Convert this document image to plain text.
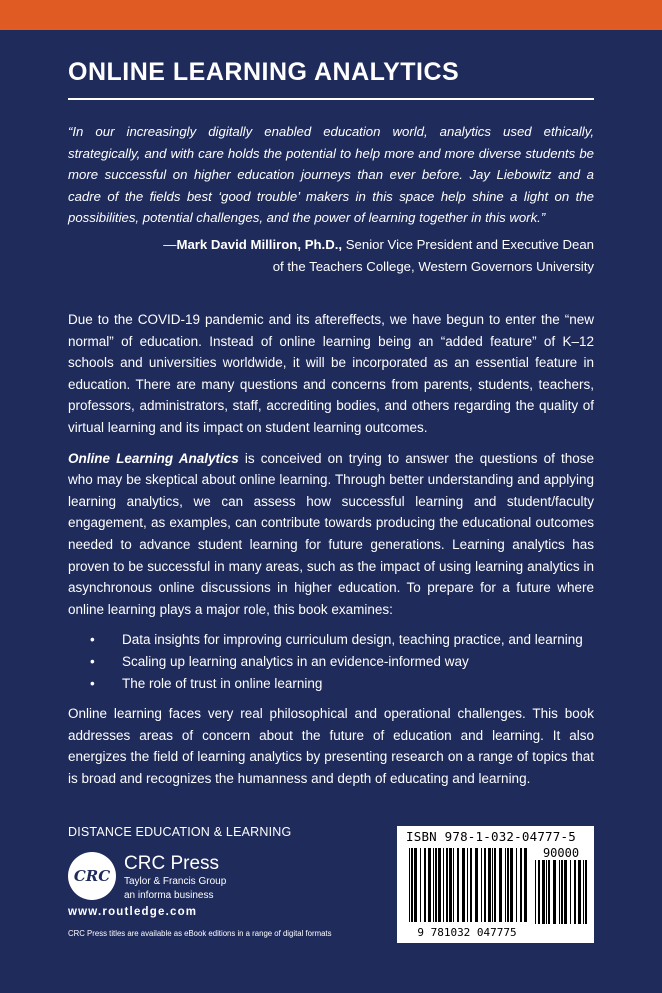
ONLINE LEARNING ANALYTICS

“In our increasingly digitally enabled education world, analytics used ethically, strategically, and with care holds the potential to help more and more diverse students be more successful on higher education journeys than ever before. Jay Liebowitz and a cadre of the fields best ‘good trouble’ makers in this space help shine a light on the possibilities, potential challenges, and the power of learning together in this work.”

—Mark David Milliron, Ph.D., Senior Vice President and Executive Dean
of the Teachers College, Western Governors University

Due to the COVID-19 pandemic and its aftereffects, we have begun to enter the “new normal” of education. Instead of online learning being an “added feature” of K–12 schools and universities worldwide, it will be incorporated as an essential feature in education. There are many questions and concerns from parents, students, teachers, professors, administrators, staff, accrediting bodies, and others regarding the quality of virtual learning and its impact on student learning outcomes.

Online Learning Analytics is conceived on trying to answer the questions of those who may be skeptical about online learning. Through better understanding and applying learning analytics, we can assess how successful learning and student/faculty engagement, as examples, can contribute towards producing the educational outcomes needed to advance student learning for future generations. Learning analytics has proven to be successful in many areas, such as the impact of using learning analytics in asynchronous online discussions in higher education. To prepare for a future where online learning plays a major role, this book examines:

• Data insights for improving curriculum design, teaching practice, and learning
• Scaling up learning analytics in an evidence-informed way
• The role of trust in online learning

Online learning faces very real philosophical and operational challenges. This book addresses areas of concern about the future of education and learning. It also energizes the field of learning analytics by presenting research on a range of topics that is broad and recognizes the humanness and depth of educating and learning.

DISTANCE EDUCATION & LEARNING
CRC
CRC Press
Taylor & Francis Group
an informa business
www.routledge.com
CRC Press titles are available as eBook editions in a range of digital formats
ISBN 978-1-032-04777-5
90000
9 781032 047775
